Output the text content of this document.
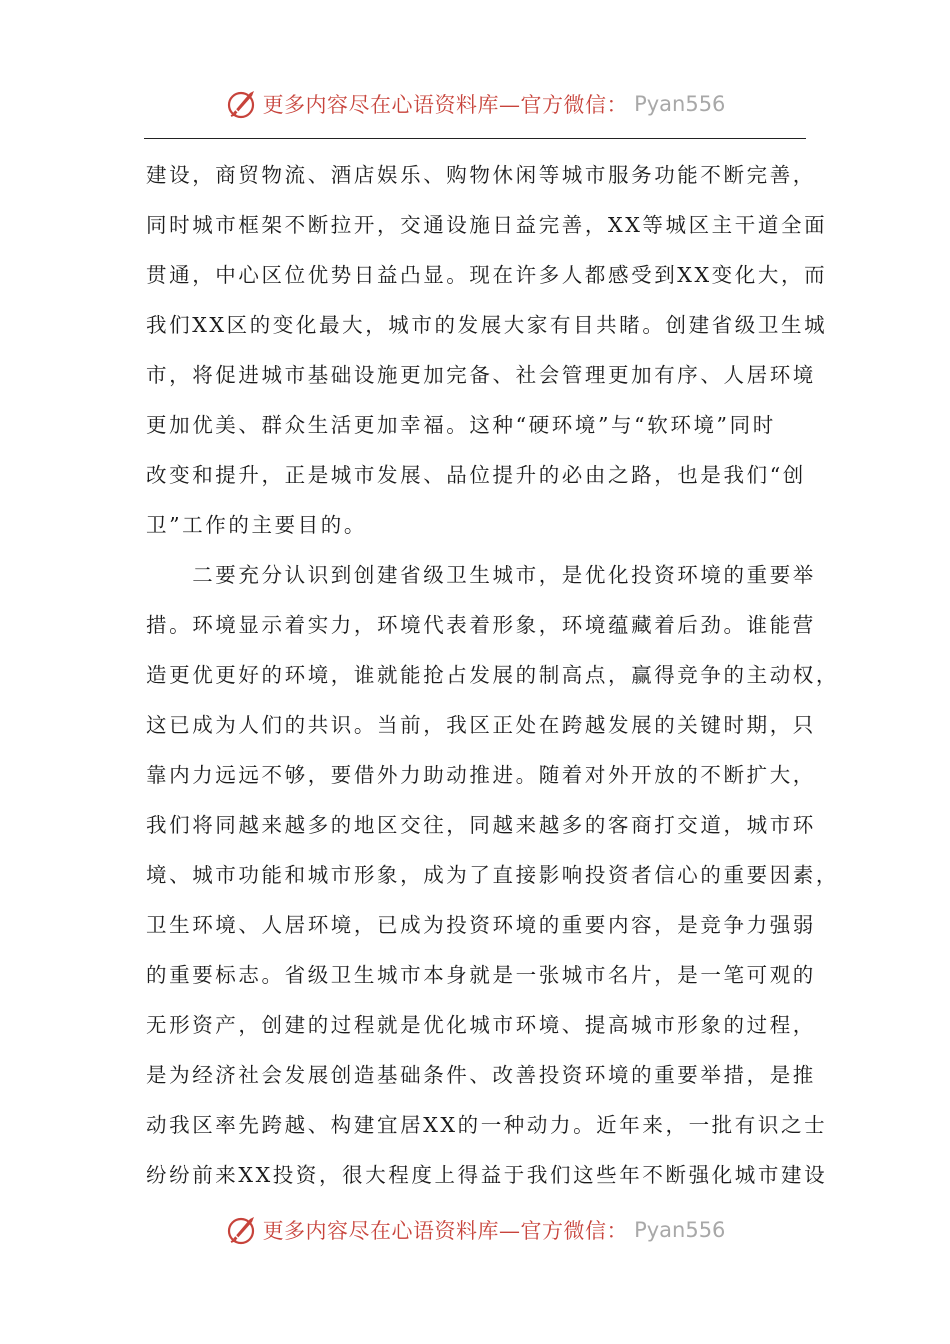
更多内容尽在心语资料库—官方微信： Pyan556
建设，商贸物流、酒店娱乐、购物休闲等城市服务功能不断完善，
同时城市框架不断拉开，交通设施日益完善，XX等城区主干道全面
贯通，中心区位优势日益凸显。现在许多人都感受到XX变化大，而
我们XX区的变化最大，城市的发展大家有目共睹。创建省级卫生城
市，将促进城市基础设施更加完备、社会管理更加有序、人居环境
更加优美、群众生活更加幸福。这种“硬环境”与“软环境”同时
改变和提升，正是城市发展、品位提升的必由之路，也是我们“创
卫”工作的主要目的。
　　二要充分认识到创建省级卫生城市，是优化投资环境的重要举
措。环境显示着实力，环境代表着形象，环境蕴藏着后劲。谁能营
造更优更好的环境，谁就能抢占发展的制高点，赢得竞争的主动权，
这已成为人们的共识。当前，我区正处在跨越发展的关键时期，只
靠内力远远不够，要借外力助动推进。随着对外开放的不断扩大，
我们将同越来越多的地区交往，同越来越多的客商打交道，城市环
境、城市功能和城市形象，成为了直接影响投资者信心的重要因素，
卫生环境、人居环境，已成为投资环境的重要内容，是竞争力强弱
的重要标志。省级卫生城市本身就是一张城市名片，是一笔可观的
无形资产，创建的过程就是优化城市环境、提高城市形象的过程，
是为经济社会发展创造基础条件、改善投资环境的重要举措，是推
动我区率先跨越、构建宜居XX的一种动力。近年来，一批有识之士
纷纷前来XX投资，很大程度上得益于我们这些年不断强化城市建设
更多内容尽在心语资料库—官方微信： Pyan556
